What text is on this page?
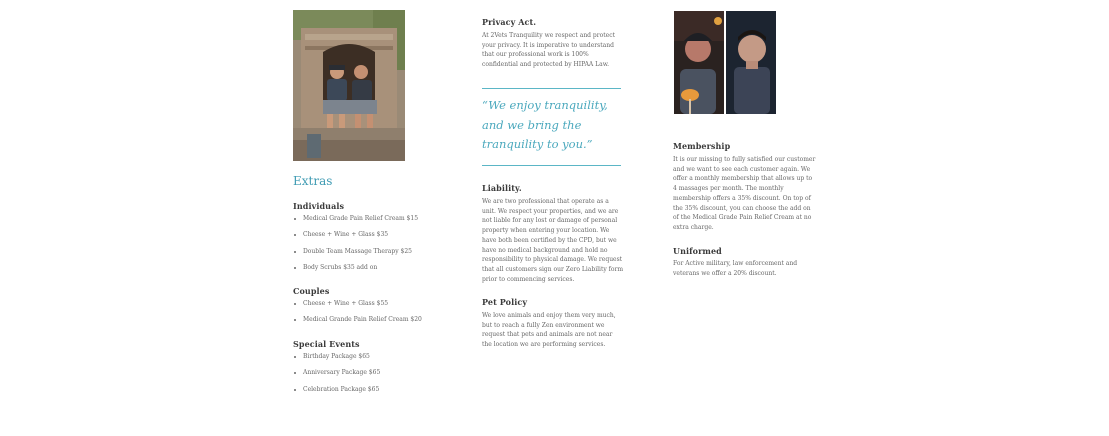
Extras
Individuals
Medical Grade Pain Relief Cream $15
Cheese + Wine + Glass $35
Double Team Massage Therapy $25
Body Scrubs $35 add on
Couples
Cheese + Wine + Glass $55
Medical Grande Pain Relief Cream $20
Special Events
Birthday Package $65
Anniversary Package $65
Celebration Package $65
Privacy Act.

At 2Vets Tranquility we respect and protect your privacy. It is imperative to understand that our professional work is 100% confidential and protected by HIPAA Law.

“We enjoy tranquility, and we bring the tranquility to you.”

Liability.

We are two professional that operate as a unit. We respect your properties, and we are not liable for any lost or damage of personal property when entering your location. We have both been certified by the CPD, but we have no medical background and hold no responsibility to physical damage. We request that all customers sign our Zero Liability form prior to commencing services.

Pet Policy

We love animals and enjoy them very much, but to reach a fully Zen environment we request that pets and animals are not near the location we are performing services.

Membership

It is our missing to fully satisfied our customer and we want to see each customer again. We offer a monthly membership that allows up to 4 massages per month. The monthly membership offers a 35% discount. On top of the 35% discount, you can choose the add on of the Medical Grade Pain Relief Cream at no extra charge.

Uniformed

For Active military, law enforcement and veterans we offer a 20% discount.
